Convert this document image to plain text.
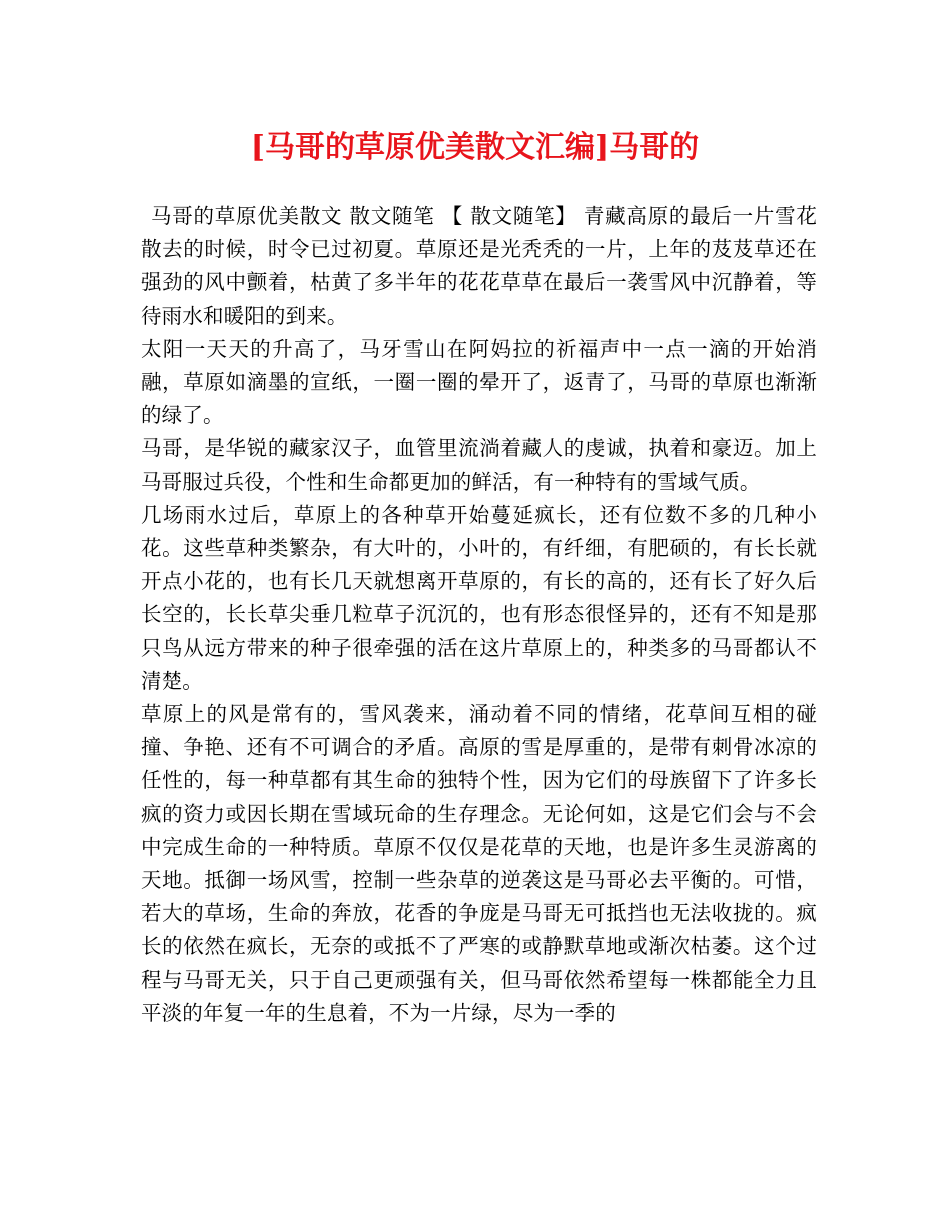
[马哥的草原优美散文汇编]马哥的

马哥的草原优美散文 散文随笔 【 散文随笔】 青藏高原的最后一片雪花散去的时候，时令已过初夏。草原还是光秃秃的一片，上年的芨芨草还在强劲的风中颤着，枯黄了多半年的花花草草在最后一袭雪风中沉静着，等待雨水和暖阳的到来。

太阳一天天的升高了，马牙雪山在阿妈拉的祈福声中一点一滴的开始消融，草原如滴墨的宣纸，一圈一圈的晕开了，返青了，马哥的草原也渐渐的绿了。

马哥，是华锐的藏家汉子，血管里流淌着藏人的虔诚，执着和豪迈。加上马哥服过兵役，个性和生命都更加的鲜活，有一种特有的雪域气质。

几场雨水过后，草原上的各种草开始蔓延疯长，还有位数不多的几种小花。这些草种类繁杂，有大叶的，小叶的，有纤细，有肥硕的，有长长就开点小花的，也有长几天就想离开草原的，有长的高的，还有长了好久后长空的，长长草尖垂几粒草子沉沉的，也有形态很怪异的，还有不知是那只鸟从远方带来的种子很牵强的活在这片草原上的，种类多的马哥都认不清楚。

草原上的风是常有的，雪风袭来，涌动着不同的情绪，花草间互相的碰撞、争艳、还有不可调合的矛盾。高原的雪是厚重的，是带有刺骨冰凉的任性的，每一种草都有其生命的独特个性，因为它们的母族留下了许多长疯的资力或因长期在雪域玩命的生存理念。无论何如，这是它们会与不会中完成生命的一种特质。草原不仅仅是花草的天地，也是许多生灵游离的天地。抵御一场风雪，控制一些杂草的逆袭这是马哥必去平衡的。可惜，若大的草场，生命的奔放，花香的争庞是马哥无可抵挡也无法收拢的。疯长的依然在疯长，无奈的或抵不了严寒的或静默草地或渐次枯萎。这个过程与马哥无关，只于自己更顽强有关，但马哥依然希望每一株都能全力且平淡的年复一年的生息着，不为一片绿，尽为一季的
